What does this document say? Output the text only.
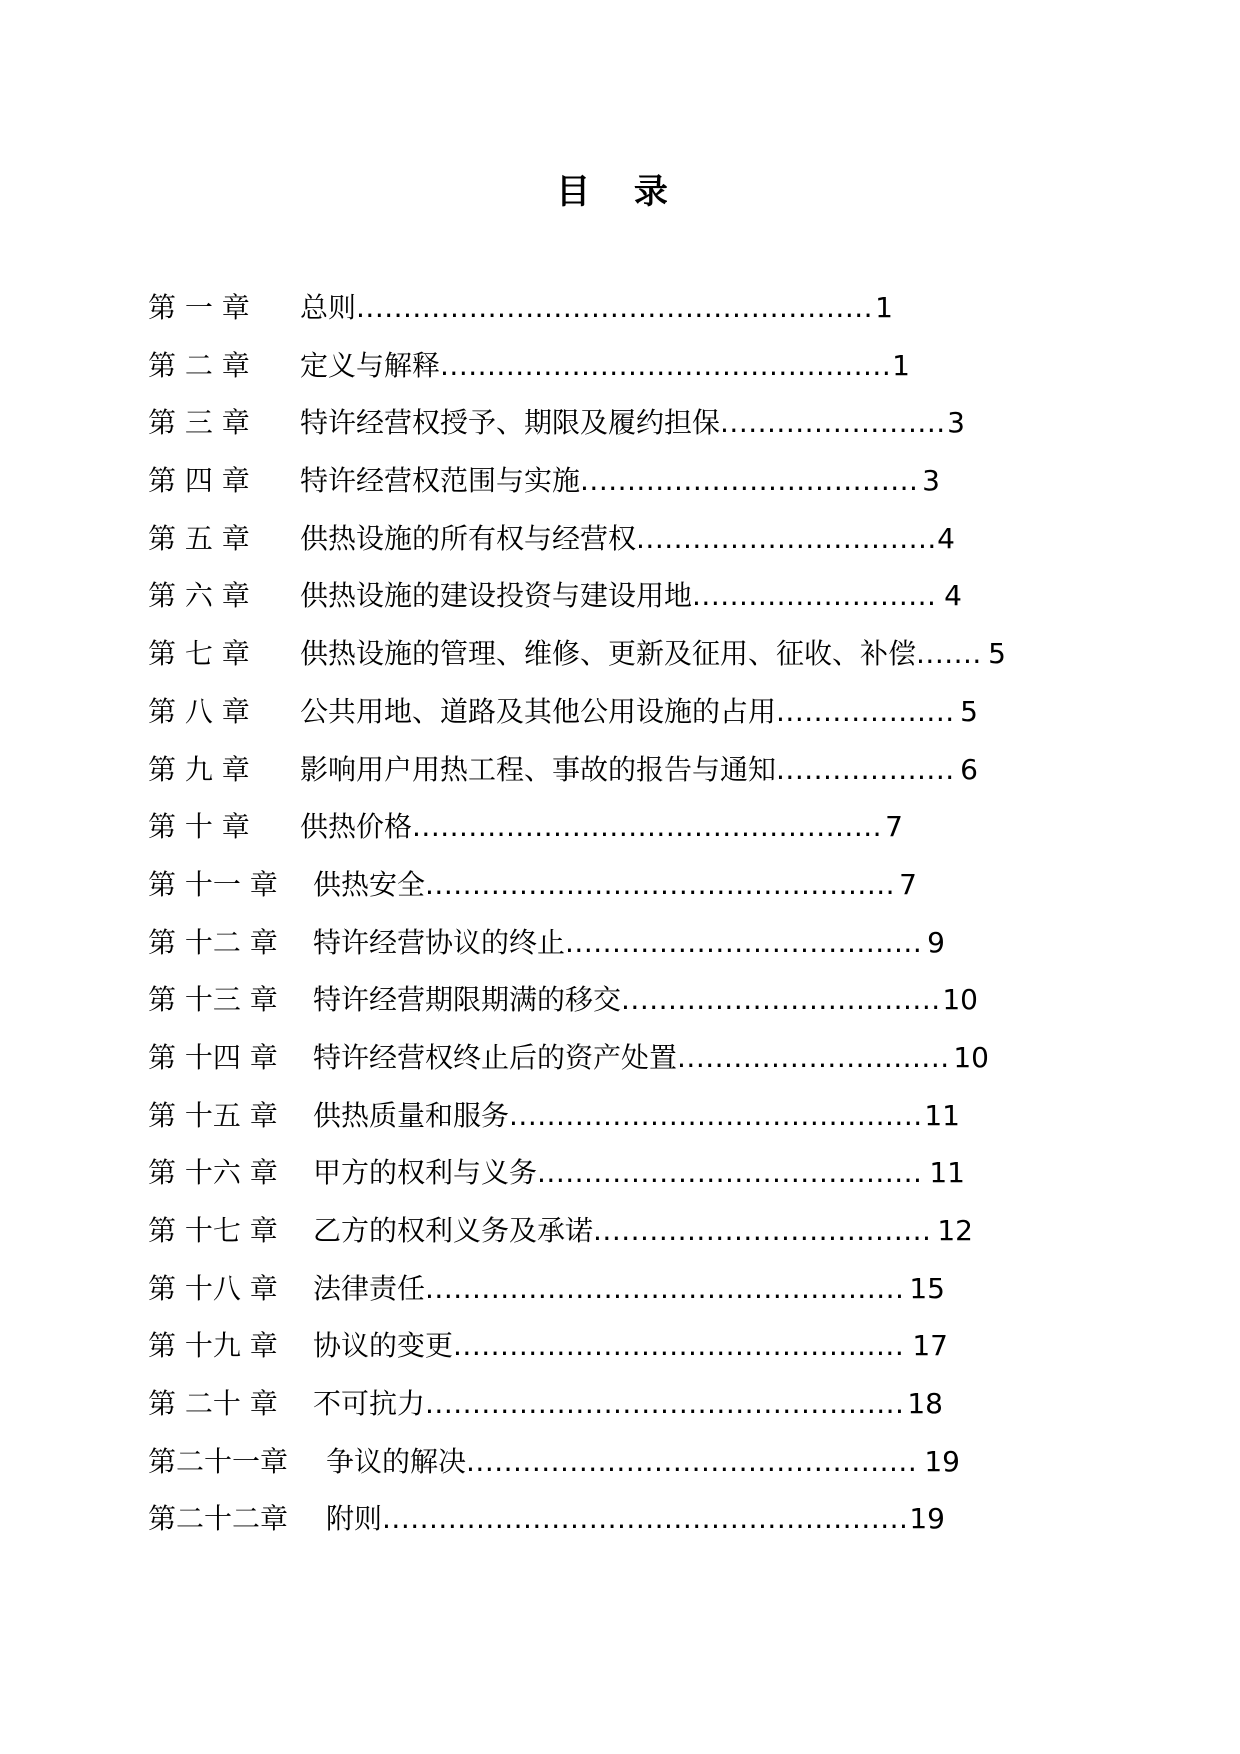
目 录
第 一 章 总则 ....................................................... 1
第 二 章 定义与解释 ................................................ 1
第 三 章 特许经营权授予、期限及履约担保 ........................ 3
第 四 章 特许经营权范围与实施 .................................... 3
第 五 章 供热设施的所有权与经营权 ................................ 4
第 六 章 供热设施的建设投资与建设用地 .......................... 4
第 七 章 供热设施的管理、维修、更新及征用、征收、补偿 ....... 5
第 八 章 公共用地、道路及其他公用设施的占用 ................... 5
第 九 章 影响用户用热工程、事故的报告与通知 ................... 6
第 十 章 供热价格 .................................................. 7
第 十一 章 供热安全 .................................................. 7
第 十二 章 特许经营协议的终止 ...................................... 9
第 十三 章 特许经营期限期满的移交 .................................. 10
第 十四 章 特许经营权终止后的资产处置 ............................. 10
第 十五 章 供热质量和服务 ............................................ 11
第 十六 章 甲方的权利与义务 ......................................... 11
第 十七 章 乙方的权利义务及承诺 .................................... 12
第 十八 章 法律责任 ................................................... 15
第 十九 章 协议的变更 ................................................ 17
第 二十 章 不可抗力 ................................................... 18
第二十一章 争议的解决 ................................................ 19
第二十二章 附则 ........................................................ 19
